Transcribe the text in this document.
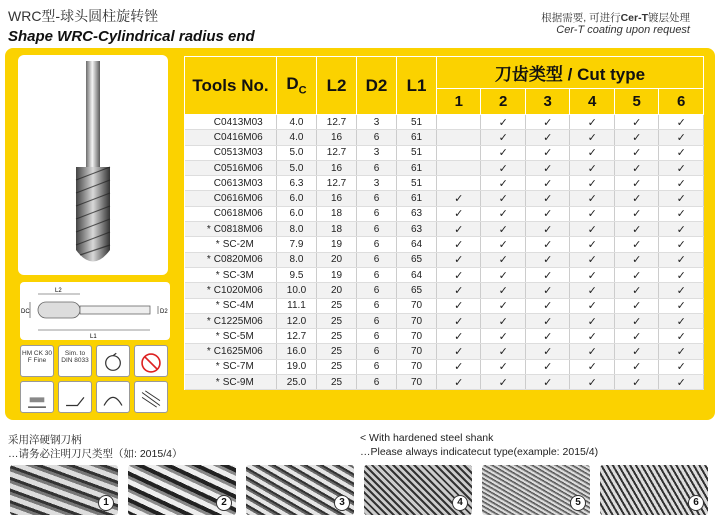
WRC型-球头圆柱旋转锉
Shape WRC-Cylindrical radius end
根据需要, 可进行Cer-T镀层处理
Cer-T coating upon request
L2
L1
DC	D2
HM CK 30 F Fine
Sim. to DIN 8033
Tools No.	$D_C$	L2	D2	L1	刀齿类型 / Cut type					
					1	2	3	4	5	6
C0413M03	4.0	12.7	3	51		✓	✓	✓	✓	✓
C0416M06	4.0	16	6	61		✓	✓	✓	✓	✓
C0513M03	5.0	12.7	3	51		✓	✓	✓	✓	✓
C0516M06	5.0	16	6	61		✓	✓	✓	✓	✓
C0613M03	6.3	12.7	3	51		✓	✓	✓	✓	✓
C0616M06	6.0	16	6	61	✓	✓	✓	✓	✓	✓
C0618M06	6.0	18	6	63	✓	✓	✓	✓	✓	✓
* C0818M06	8.0	18	6	63	✓	✓	✓	✓	✓	✓
* SC-2M	7.9	19	6	64	✓	✓	✓	✓	✓	✓
* C0820M06	8.0	20	6	65	✓	✓	✓	✓	✓	✓
* SC-3M	9.5	19	6	64	✓	✓	✓	✓	✓	✓
* C1020M06	10.0	20	6	65	✓	✓	✓	✓	✓	✓
* SC-4M	11.1	25	6	70	✓	✓	✓	✓	✓	✓
* C1225M06	12.0	25	6	70	✓	✓	✓	✓	✓	✓
* SC-5M	12.7	25	6	70	✓	✓	✓	✓	✓	✓
* C1625M06	16.0	25	6	70	✓	✓	✓	✓	✓	✓
* SC-7M	19.0	25	6	70	✓	✓	✓	✓	✓	✓
* SC-9M	25.0	25	6	70	✓	✓	✓	✓	✓	✓
采用淬硬钢刀柄
…请务必注明刀尺类型（如: 2015/4）
< With hardened steel shank
…Please always indicatecut type(example: 2015/4)
1	2	3	4	5	6
